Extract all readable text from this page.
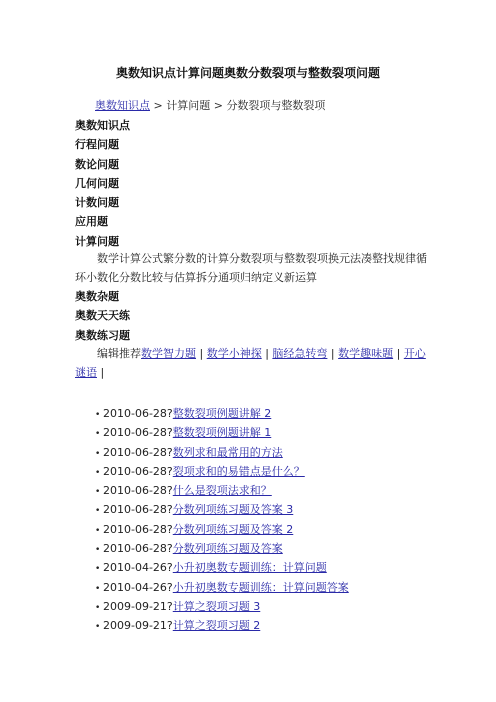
奥数知识点计算问题奥数分数裂项与整数裂项问题
奥数知识点 > 计算问题 > 分数裂项与整数裂项
奥数知识点
行程问题
数论问题
几何问题
计数问题
应用题
计算问题
数学计算公式繁分数的计算分数裂项与整数裂项换元法凑整找规律循环小数化分数比较与估算拆分通项归纳定义新运算
奥数杂题
奥数天天练
奥数练习题
编辑推荐数学智力题 | 数学小神探 | 脑经急转弯 | 数学趣味题 | 开心谜语 |
• 2010-06-28?整数裂项例题讲解 2
• 2010-06-28?整数裂项例题讲解 1
• 2010-06-28?数列求和最常用的方法
• 2010-06-28?裂项求和的易错点是什么？
• 2010-06-28?什么是裂项法求和？
• 2010-06-28?分数列项练习题及答案 3
• 2010-06-28?分数列项练习题及答案 2
• 2010-06-28?分数列项练习题及答案
• 2010-04-26?小升初奥数专题训练：计算问题
• 2010-04-26?小升初奥数专题训练：计算问题答案
• 2009-09-21?计算之裂项习题 3
• 2009-09-21?计算之裂项习题 2
